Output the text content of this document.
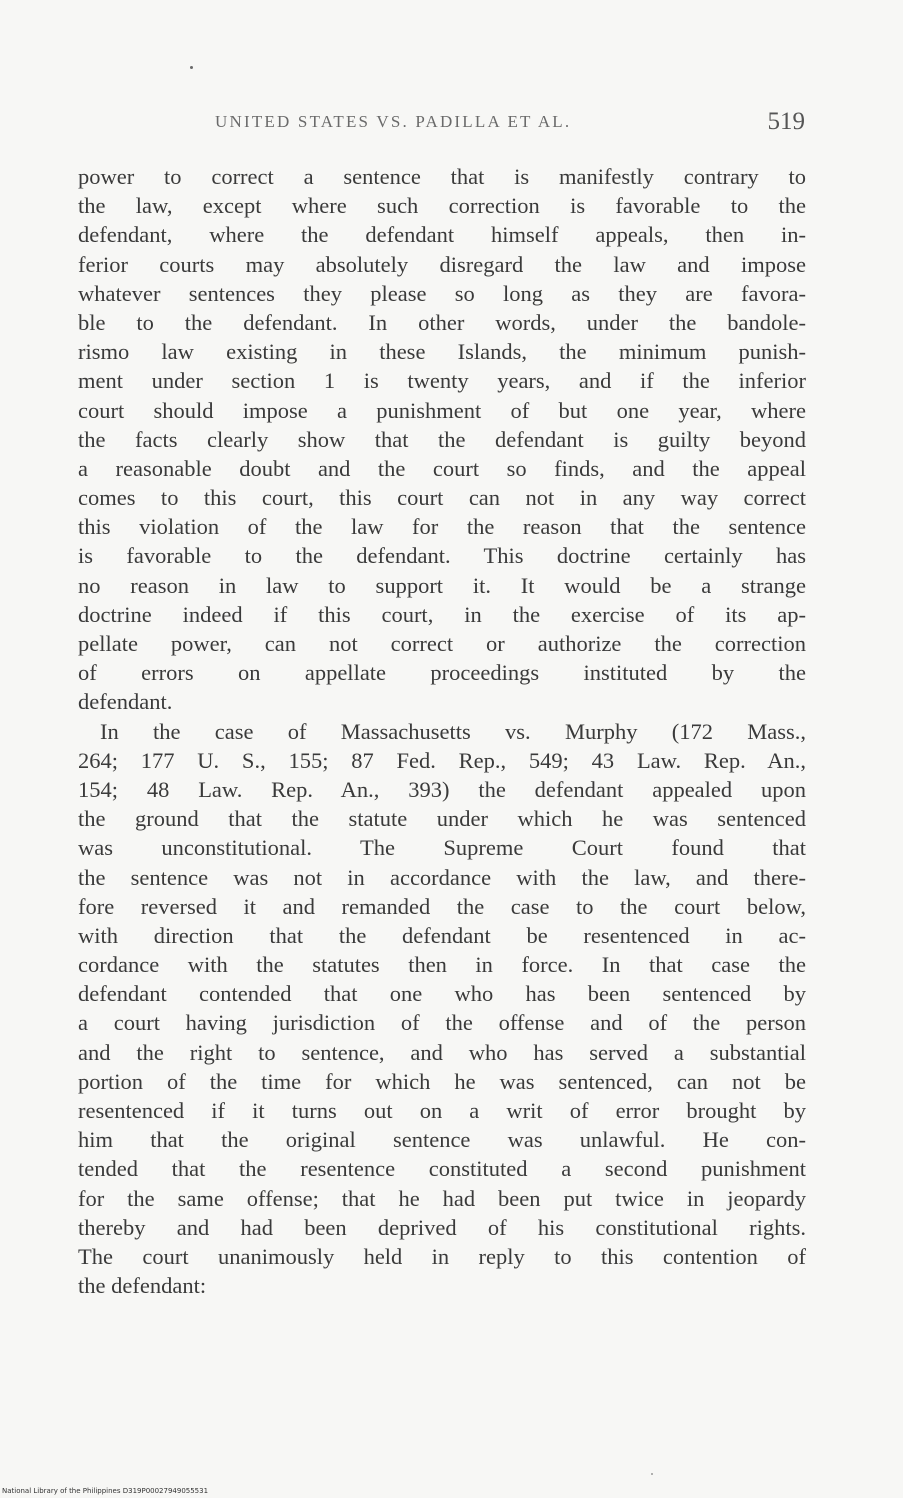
UNITED STATES VS. PADILLA ET AL.	519
power to correct a sentence that is manifestly contrary to
the law, except where such correction is favorable to the
defendant, where the defendant himself appeals, then in-
ferior courts may absolutely disregard the law and impose
whatever sentences they please so long as they are favora-
ble to the defendant. In other words, under the bandole-
rismo law existing in these Islands, the minimum punish-
ment under section 1 is twenty years, and if the inferior
court should impose a punishment of but one year, where
the facts clearly show that the defendant is guilty beyond
a reasonable doubt and the court so finds, and the appeal
comes to this court, this court can not in any way correct
this violation of the law for the reason that the sentence
is favorable to the defendant. This doctrine certainly has
no reason in law to support it. It would be a strange
doctrine indeed if this court, in the exercise of its ap-
pellate power, can not correct or authorize the correction
of errors on appellate proceedings instituted by the
defendant.
In the case of Massachusetts vs. Murphy (172 Mass.,
264; 177 U. S., 155; 87 Fed. Rep., 549; 43 Law. Rep. An.,
154; 48 Law. Rep. An., 393) the defendant appealed upon
the ground that the statute under which he was sentenced
was unconstitutional. The Supreme Court found that
the sentence was not in accordance with the law, and there-
fore reversed it and remanded the case to the court below,
with direction that the defendant be resentenced in ac-
cordance with the statutes then in force. In that case the
defendant contended that one who has been sentenced by
a court having jurisdiction of the offense and of the person
and the right to sentence, and who has served a substantial
portion of the time for which he was sentenced, can not be
resentenced if it turns out on a writ of error brought by
him that the original sentence was unlawful. He con-
tended that the resentence constituted a second punishment
for the same offense; that he had been put twice in jeopardy
thereby and had been deprived of his constitutional rights.
The court unanimously held in reply to this contention of
the defendant:
National Library of the Philippines D319P00027949055531
